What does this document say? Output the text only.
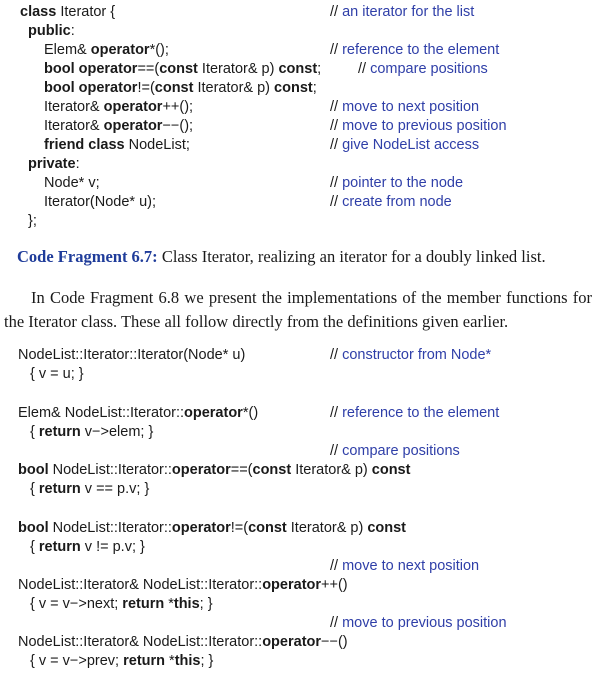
class Iterator {	// an iterator for the list
public:
Elem& operator*();	// reference to the element
bool operator==(const Iterator& p) const;	// compare positions
bool operator!=(const Iterator& p) const;
Iterator& operator++();	// move to next position
Iterator& operator−−();	// move to previous position
friend class NodeList;	// give NodeList access
private:
Node* v;	// pointer to the node
Iterator(Node* u);	// create from node
};
Code Fragment 6.7: Class Iterator, realizing an iterator for a doubly linked list.
In Code Fragment 6.8 we present the implementations of the member functions for the Iterator class. These all follow directly from the definitions given earlier.
NodeList::Iterator::Iterator(Node* u)	// constructor from Node*
{ v = u; }
Elem& NodeList::Iterator::operator*()	// reference to the element
{ return v−>elem; }
// compare positions
bool NodeList::Iterator::operator==(const Iterator& p) const
{ return v == p.v; }
bool NodeList::Iterator::operator!=(const Iterator& p) const
{ return v != p.v; }
// move to next position
NodeList::Iterator& NodeList::Iterator::operator++()
{ v = v−>next; return *this; }
// move to previous position
NodeList::Iterator& NodeList::Iterator::operator−−()
{ v = v−>prev; return *this; }
